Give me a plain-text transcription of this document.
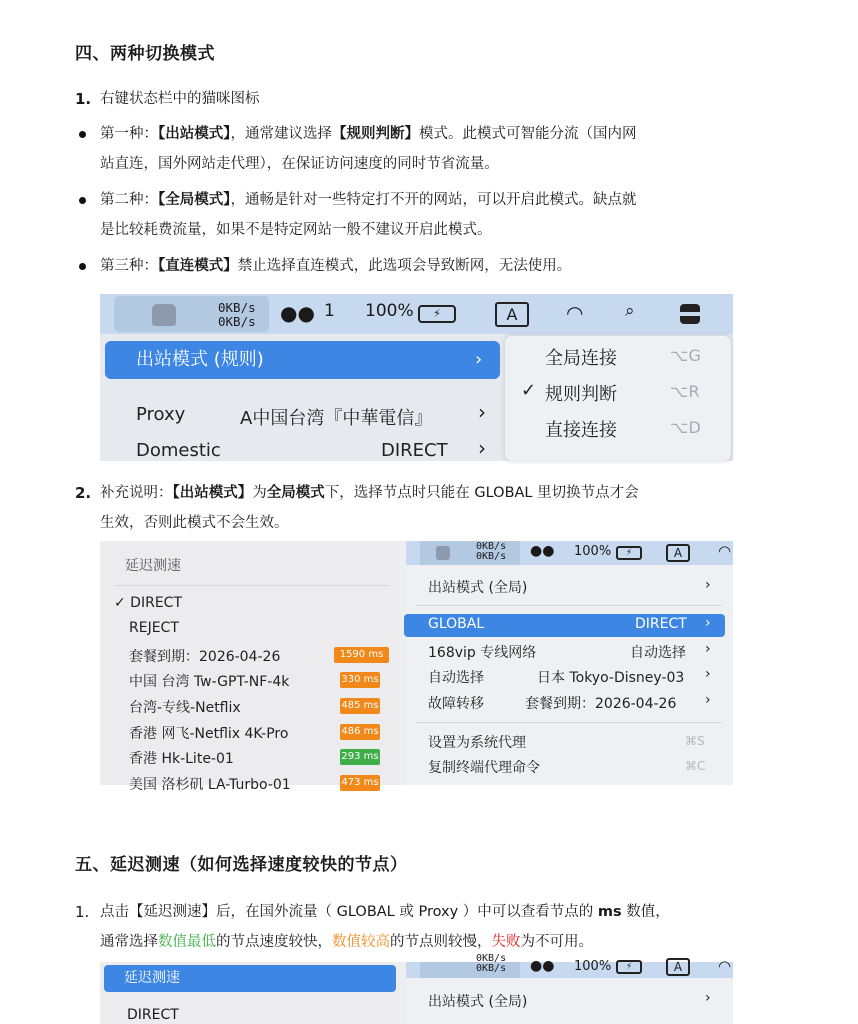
四、两种切换模式
1. 右键状态栏中的猫咪图标
第一种：【出站模式】，通常建议选择【规则判断】模式。此模式可智能分流（国内网
站直连，国外网站走代理），在保证访问速度的同时节省流量。
第二种：【全局模式】，通畅是针对一些特定打不开的网站，可以开启此模式。缺点就
是比较耗费流量，如果不是特定网站一般不建议开启此模式。
第三种：【直连模式】禁止选择直连模式，此选项会导致断网，无法使用。
0KB/s
0KB/s ●● 1 100%	⚡	A	◠ ⌕
出站模式 (规则)	›
Proxy	A中国台湾『中華電信』 ›
Domestic	DIRECT ›
全局连接	⌥G
✓ 规则判断	⌥R
直接连接	⌥D
2. 补充说明：【出站模式】为全局模式下，选择节点时只能在 GLOBAL 里切换节点才会
生效，否则此模式不会生效。
延迟测速
✓ DIRECT
REJECT
套餐到期：2026-04-26	1590 ms
中国 台湾 Tw-GPT-NF-4k	330 ms
台湾-专线-Netflix	485 ms
香港 网飞-Netflix 4K-Pro	486 ms
香港 Hk-Lite-01	293 ms
美国 洛杉矶 LA-Turbo-01	473 ms
0KB/s
0KB/s ●● 100%	⚡	A	◠
出站模式 (全局)	›
GLOBAL	DIRECT ›
168vip 专线网络	自动选择 ›
自动选择	日本 Tokyo-Disney-03 ›
故障转移	套餐到期：2026-04-26 ›
设置为系统代理	⌘S
复制终端代理命令	⌘C
五、延迟测速（如何选择速度较快的节点）
1. 点击【延迟测速】后，在国外流量（ GLOBAL 或 Proxy ）中可以查看节点的 ms 数值，
通常选择数值最低的节点速度较快，数值较高的节点则较慢，失败为不可用。
延迟测速
DIRECT
0KB/s
0KB/s ●● 100%	⚡	A	◠
出站模式 (全局)	›
